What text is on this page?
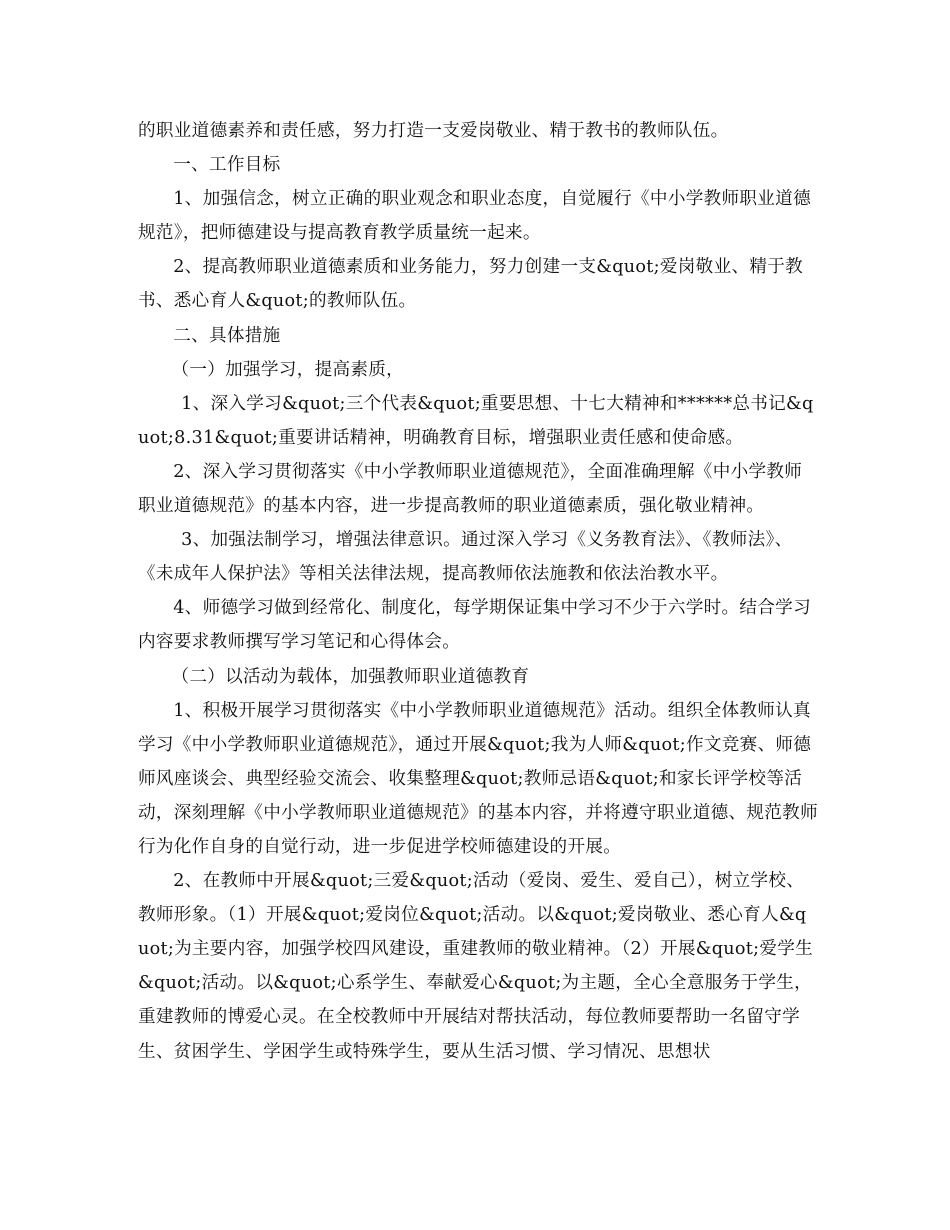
的职业道德素养和责任感，努力打造一支爱岗敬业、精于教书的教师队伍。

一、工作目标

1、加强信念，树立正确的职业观念和职业态度，自觉履行《中小学教师职业道德规范》，把师德建设与提高教育教学质量统一起来。

2、提高教师职业道德素质和业务能力，努力创建一支&quot;爱岗敬业、精于教书、悉心育人&quot;的教师队伍。

二、具体措施

（一）加强学习，提高素质，

1、深入学习&quot;三个代表&quot;重要思想、十七大精神和******总书记&quot;8.31&quot;重要讲话精神，明确教育目标，增强职业责任感和使命感。

2、深入学习贯彻落实《中小学教师职业道德规范》，全面准确理解《中小学教师职业道德规范》的基本内容，进一步提高教师的职业道德素质，强化敬业精神。

3、加强法制学习，增强法律意识。通过深入学习《义务教育法》、《教师法》、《未成年人保护法》等相关法律法规，提高教师依法施教和依法治教水平。

4、师德学习做到经常化、制度化，每学期保证集中学习不少于六学时。结合学习内容要求教师撰写学习笔记和心得体会。

（二）以活动为载体，加强教师职业道德教育

1、积极开展学习贯彻落实《中小学教师职业道德规范》活动。组织全体教师认真学习《中小学教师职业道德规范》，通过开展&quot;我为人师&quot;作文竞赛、师德师风座谈会、典型经验交流会、收集整理&quot;教师忌语&quot;和家长评学校等活动，深刻理解《中小学教师职业道德规范》的基本内容，并将遵守职业道德、规范教师行为化作自身的自觉行动，进一步促进学校师德建设的开展。

2、在教师中开展&quot;三爱&quot;活动（爱岗、爱生、爱自己），树立学校、教师形象。（1）开展&quot;爱岗位&quot;活动。以&quot;爱岗敬业、悉心育人&quot;为主要内容，加强学校四风建设，重建教师的敬业精神。（2）开展&quot;爱学生&quot;活动。以&quot;心系学生、奉献爱心&quot;为主题，全心全意服务于学生，重建教师的博爱心灵。在全校教师中开展结对帮扶活动，每位教师要帮助一名留守学生、贫困学生、学困学生或特殊学生，要从生活习惯、学习情况、思想状
